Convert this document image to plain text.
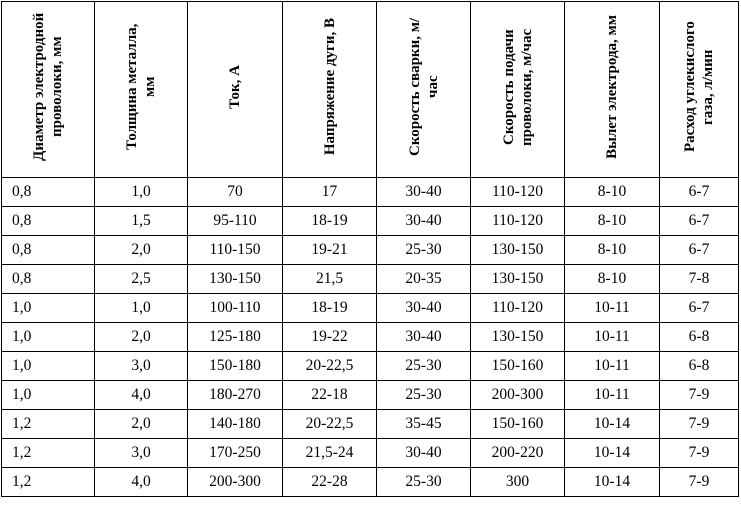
Диаметр электродной проволоки, мм	Толщина металла, мм	Ток, А	Напряжение дуги, В	Скорость сварки, м/час	Скорость подачи проволоки, м/час	Вылет электрода, мм	Расход углекислого газа, л/мин
0,8	1,0	70	17	30-40	110-120	8-10	6-7
0,8	1,5	95-110	18-19	30-40	110-120	8-10	6-7
0,8	2,0	110-150	19-21	25-30	130-150	8-10	6-7
0,8	2,5	130-150	21,5	20-35	130-150	8-10	7-8
1,0	1,0	100-110	18-19	30-40	110-120	10-11	6-7
1,0	2,0	125-180	19-22	30-40	130-150	10-11	6-8
1,0	3,0	150-180	20-22,5	25-30	150-160	10-11	6-8
1,0	4,0	180-270	22-18	25-30	200-300	10-11	7-9
1,2	2,0	140-180	20-22,5	35-45	150-160	10-14	7-9
1,2	3,0	170-250	21,5-24	30-40	200-220	10-14	7-9
1,2	4,0	200-300	22-28	25-30	300	10-14	7-9
